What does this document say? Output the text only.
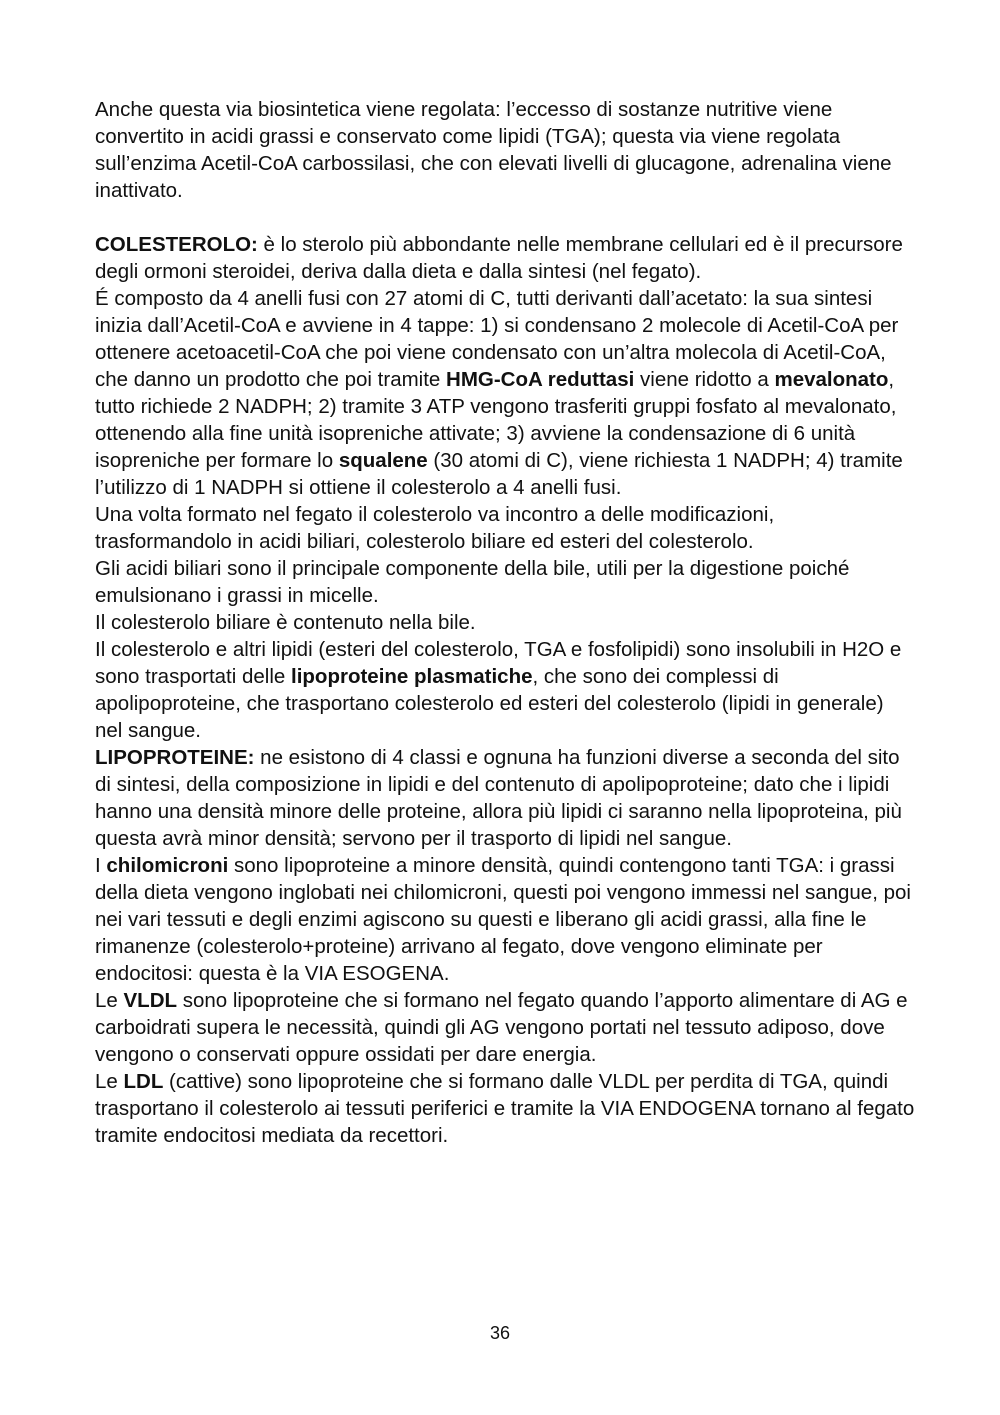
Anche questa via biosintetica viene regolata: l’eccesso di sostanze nutritive viene convertito in acidi grassi e conservato come lipidi (TGA); questa via viene regolata sull’enzima Acetil-CoA carbossilasi, che con elevati livelli di glucagone, adrenalina viene inattivato.

COLESTEROLO: è lo sterolo più abbondante nelle membrane cellulari ed è il precursore degli ormoni steroidei, deriva dalla dieta e dalla sintesi (nel fegato).

É composto da 4 anelli fusi con 27 atomi di C, tutti derivanti dall’acetato: la sua sintesi inizia dall’Acetil-CoA e avviene in 4 tappe: 1) si condensano 2 molecole di Acetil-CoA per ottenere acetoacetil-CoA che poi viene condensato con un’altra molecola di Acetil-CoA, che danno un prodotto che poi tramite HMG-CoA reduttasi viene ridotto a mevalonato, tutto richiede 2 NADPH; 2) tramite 3 ATP vengono trasferiti gruppi fosfato al mevalonato, ottenendo alla fine unità isopreniche attivate; 3) avviene la condensazione di 6 unità isopreniche per formare lo squalene (30 atomi di C), viene richiesta 1 NADPH; 4) tramite l’utilizzo di 1 NADPH si ottiene il colesterolo a 4 anelli fusi.

Una volta formato nel fegato il colesterolo va incontro a delle modificazioni, trasformandolo in acidi biliari, colesterolo biliare ed esteri del colesterolo.

Gli acidi biliari sono il principale componente della bile, utili per la digestione poiché emulsionano i grassi in micelle.

Il colesterolo biliare è contenuto nella bile.

Il colesterolo e altri lipidi (esteri del colesterolo, TGA e fosfolipidi) sono insolubili in H2O e sono trasportati delle lipoproteine plasmatiche, che sono dei complessi di apolipoproteine, che trasportano colesterolo ed esteri del colesterolo (lipidi in generale) nel sangue.

LIPOPROTEINE: ne esistono di 4 classi e ognuna ha funzioni diverse a seconda del sito di sintesi, della composizione in lipidi e del contenuto di apolipoproteine; dato che i lipidi hanno una densità minore delle proteine, allora più lipidi ci saranno nella lipoproteina, più questa avrà minor densità; servono per il trasporto di lipidi nel sangue.

I chilomicroni sono lipoproteine a minore densità, quindi contengono tanti TGA: i grassi della dieta vengono inglobati nei chilomicroni, questi poi vengono immessi nel sangue, poi nei vari tessuti e degli enzimi agiscono su questi e liberano gli acidi grassi, alla fine le rimanenze (colesterolo+proteine) arrivano al fegato, dove vengono eliminate per endocitosi: questa è la VIA ESOGENA.

Le VLDL sono lipoproteine che si formano nel fegato quando l’apporto alimentare di AG e carboidrati supera le necessità, quindi gli AG vengono portati nel tessuto adiposo, dove vengono o conservati oppure ossidati per dare energia.

Le LDL (cattive) sono lipoproteine che si formano dalle VLDL per perdita di TGA, quindi trasportano il colesterolo ai tessuti periferici e tramite la VIA ENDOGENA tornano al fegato tramite endocitosi mediata da recettori.

36
